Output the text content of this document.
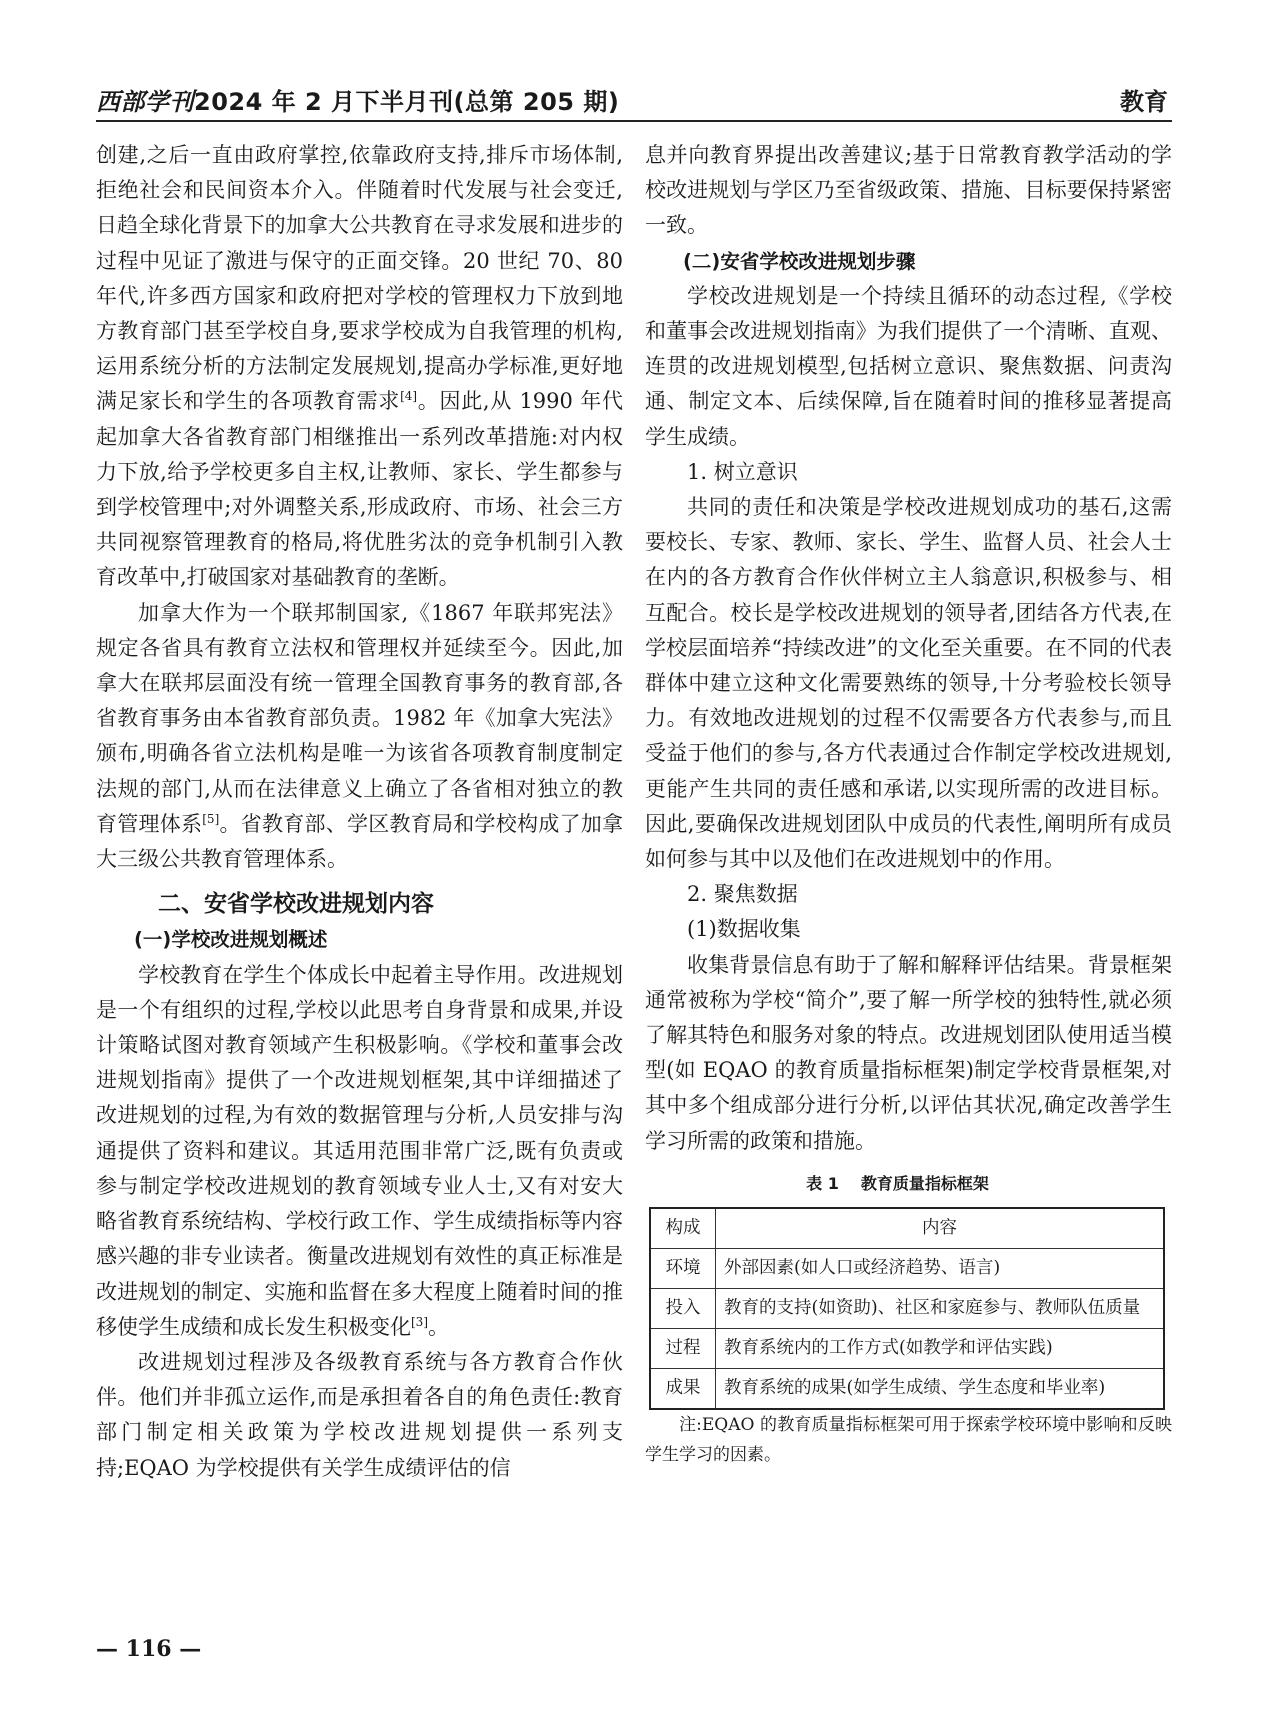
西部学刊2024 年 2 月下半月刊(总第 205 期)	教育

创建,之后一直由政府掌控,依靠政府支持,排斥市场体制,拒绝社会和民间资本介入。伴随着时代发展与社会变迁,日趋全球化背景下的加拿大公共教育在寻求发展和进步的过程中见证了激进与保守的正面交锋。20 世纪 70、80 年代,许多西方国家和政府把对学校的管理权力下放到地方教育部门甚至学校自身,要求学校成为自我管理的机构,运用系统分析的方法制定发展规划,提高办学标准,更好地满足家长和学生的各项教育需求[4]。因此,从 1990 年代起加拿大各省教育部门相继推出一系列改革措施:对内权力下放,给予学校更多自主权,让教师、家长、学生都参与到学校管理中;对外调整关系,形成政府、市场、社会三方共同视察管理教育的格局,将优胜劣汰的竞争机制引入教育改革中,打破国家对基础教育的垄断。

加拿大作为一个联邦制国家,《1867 年联邦宪法》规定各省具有教育立法权和管理权并延续至今。因此,加拿大在联邦层面没有统一管理全国教育事务的教育部,各省教育事务由本省教育部负责。1982 年《加拿大宪法》颁布,明确各省立法机构是唯一为该省各项教育制度制定法规的部门,从而在法律意义上确立了各省相对独立的教育管理体系[5]。省教育部、学区教育局和学校构成了加拿大三级公共教育管理体系。

二、安省学校改进规划内容

(一)学校改进规划概述

学校教育在学生个体成长中起着主导作用。改进规划是一个有组织的过程,学校以此思考自身背景和成果,并设计策略试图对教育领域产生积极影响。《学校和董事会改进规划指南》提供了一个改进规划框架,其中详细描述了改进规划的过程,为有效的数据管理与分析,人员安排与沟通提供了资料和建议。其适用范围非常广泛,既有负责或参与制定学校改进规划的教育领域专业人士,又有对安大略省教育系统结构、学校行政工作、学生成绩指标等内容感兴趣的非专业读者。衡量改进规划有效性的真正标准是改进规划的制定、实施和监督在多大程度上随着时间的推移使学生成绩和成长发生积极变化[3]。

改进规划过程涉及各级教育系统与各方教育合作伙伴。他们并非孤立运作,而是承担着各自的角色责任:教育部门制定相关政策为学校改进规划提供一系列支持;EQAO 为学校提供有关学生成绩评估的信

息并向教育界提出改善建议;基于日常教育教学活动的学校改进规划与学区乃至省级政策、措施、目标要保持紧密一致。

(二)安省学校改进规划步骤

学校改进规划是一个持续且循环的动态过程,《学校和董事会改进规划指南》为我们提供了一个清晰、直观、连贯的改进规划模型,包括树立意识、聚焦数据、问责沟通、制定文本、后续保障,旨在随着时间的推移显著提高学生成绩。

1. 树立意识

共同的责任和决策是学校改进规划成功的基石,这需要校长、专家、教师、家长、学生、监督人员、社会人士在内的各方教育合作伙伴树立主人翁意识,积极参与、相互配合。校长是学校改进规划的领导者,团结各方代表,在学校层面培养“持续改进”的文化至关重要。在不同的代表群体中建立这种文化需要熟练的领导,十分考验校长领导力。有效地改进规划的过程不仅需要各方代表参与,而且受益于他们的参与,各方代表通过合作制定学校改进规划,更能产生共同的责任感和承诺,以实现所需的改进目标。因此,要确保改进规划团队中成员的代表性,阐明所有成员如何参与其中以及他们在改进规划中的作用。

2. 聚焦数据

(1)数据收集

收集背景信息有助于了解和解释评估结果。背景框架通常被称为学校“简介”,要了解一所学校的独特性,就必须了解其特色和服务对象的特点。改进规划团队使用适当模型(如 EQAO 的教育质量指标框架)制定学校背景框架,对其中多个组成部分进行分析,以评估其状况,确定改善学生学习所需的政策和措施。

表 1 教育质量指标框架
构成	内容
环境	外部因素(如人口或经济趋势、语言)
投入	教育的支持(如资助)、社区和家庭参与、教师队伍质量
过程	教育系统内的工作方式(如教学和评估实践)
成果	教育系统的成果(如学生成绩、学生态度和毕业率)

注:EQAO 的教育质量指标框架可用于探索学校环境中影响和反映学生学习的因素。

— 116 —
